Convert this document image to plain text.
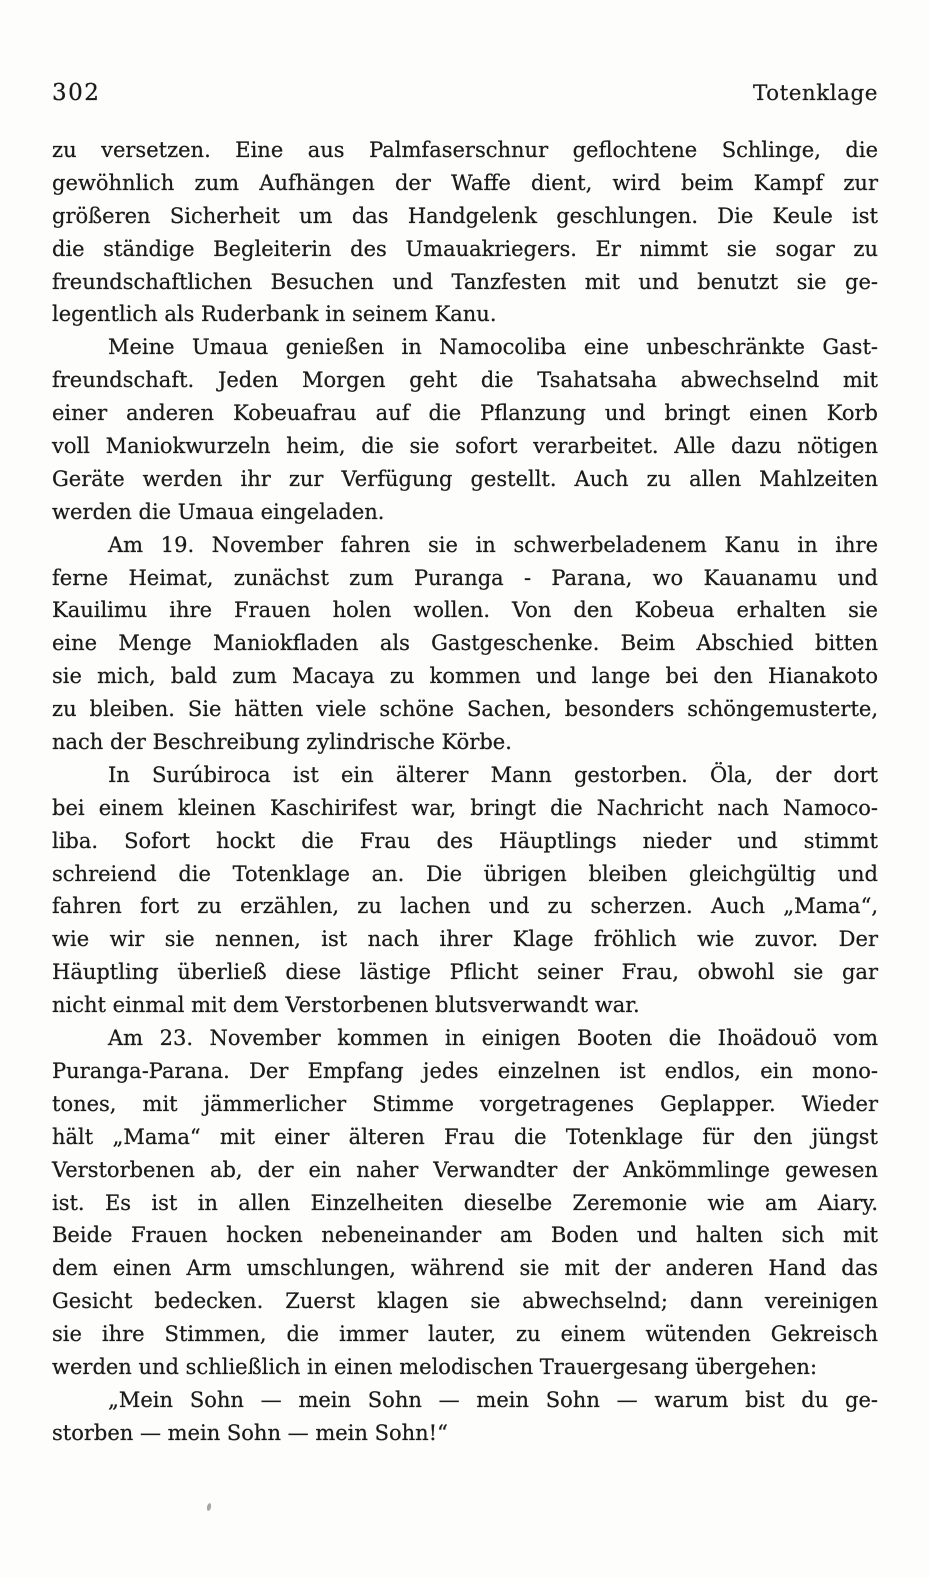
302	Totenklage
zu versetzen. Eine aus Palmfaserschnur geflochtene Schlinge, die
gewöhnlich zum Aufhängen der Waffe dient, wird beim Kampf zur
größeren Sicherheit um das Handgelenk geschlungen. Die Keule ist
die ständige Begleiterin des Umauakriegers. Er nimmt sie sogar zu
freundschaftlichen Besuchen und Tanzfesten mit und benutzt sie ge-
legentlich als Ruderbank in seinem Kanu.
Meine Umaua genießen in Namocoliba eine unbeschränkte Gast-
freundschaft. Jeden Morgen geht die Tsahatsaha abwechselnd mit
einer anderen Kobeuafrau auf die Pflanzung und bringt einen Korb
voll Maniokwurzeln heim, die sie sofort verarbeitet. Alle dazu nötigen
Geräte werden ihr zur Verfügung gestellt. Auch zu allen Mahlzeiten
werden die Umaua eingeladen.
Am 19. November fahren sie in schwerbeladenem Kanu in ihre
ferne Heimat, zunächst zum Puranga - Parana, wo Kauanamu und
Kauilimu ihre Frauen holen wollen. Von den Kobeua erhalten sie
eine Menge Maniokfladen als Gastgeschenke. Beim Abschied bitten
sie mich, bald zum Macaya zu kommen und lange bei den Hianakoto
zu bleiben. Sie hätten viele schöne Sachen, besonders schöngemusterte,
nach der Beschreibung zylindrische Körbe.
In Surúbiroca ist ein älterer Mann gestorben. Öla, der dort
bei einem kleinen Kaschirifest war, bringt die Nachricht nach Namoco-
liba. Sofort hockt die Frau des Häuptlings nieder und stimmt
schreiend die Totenklage an. Die übrigen bleiben gleichgültig und
fahren fort zu erzählen, zu lachen und zu scherzen. Auch „Mama“,
wie wir sie nennen, ist nach ihrer Klage fröhlich wie zuvor. Der
Häuptling überließ diese lästige Pflicht seiner Frau, obwohl sie gar
nicht einmal mit dem Verstorbenen blutsverwandt war.
Am 23. November kommen in einigen Booten die Ihoädouö vom
Puranga-Parana. Der Empfang jedes einzelnen ist endlos, ein mono-
tones, mit jämmerlicher Stimme vorgetragenes Geplapper. Wieder
hält „Mama“ mit einer älteren Frau die Totenklage für den jüngst
Verstorbenen ab, der ein naher Verwandter der Ankömmlinge gewesen
ist. Es ist in allen Einzelheiten dieselbe Zeremonie wie am Aiary.
Beide Frauen hocken nebeneinander am Boden und halten sich mit
dem einen Arm umschlungen, während sie mit der anderen Hand das
Gesicht bedecken. Zuerst klagen sie abwechselnd; dann vereinigen
sie ihre Stimmen, die immer lauter, zu einem wütenden Gekreisch
werden und schließlich in einen melodischen Trauergesang übergehen:
„Mein Sohn — mein Sohn — mein Sohn — warum bist du ge-
storben — mein Sohn — mein Sohn!“
